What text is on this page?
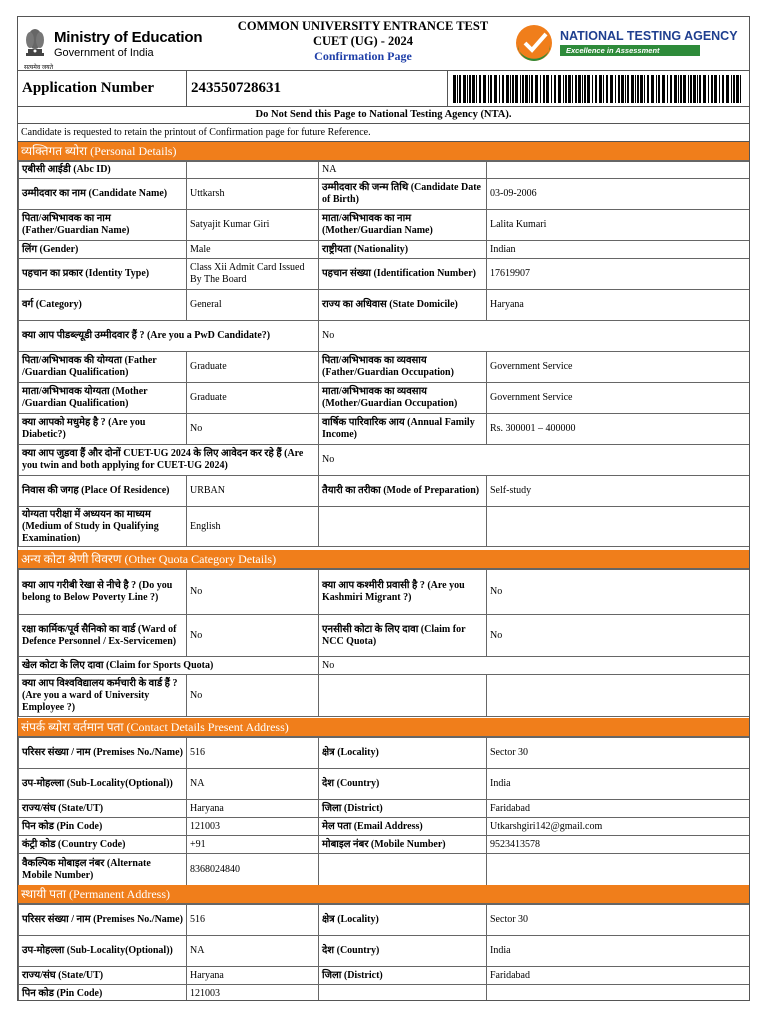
Ministry of Education
Government of India
सत्यमेव जयते
COMMON UNIVERSITY ENTRANCE TEST
CUET (UG) - 2024
Confirmation Page
NATIONAL TESTING AGENCY
Excellence in Assessment
Application Number 243550728631
Do Not Send this Page to National Testing Agency (NTA).
Candidate is requested to retain the printout of Confirmation page for future Reference.
व्यक्तिगत ब्योरा (Personal Details)
एबीसी आईडी (Abc ID)		NA	
उम्मीदवार का नाम (Candidate Name)	Uttkarsh	उम्मीदवार की जन्म तिथि (Candidate Date of Birth)	03-09-2006
पिता/अभिभावक का नाम (Father/Guardian Name)	Satyajit Kumar Giri	माता/अभिभावक का नाम (Mother/Guardian Name)	Lalita Kumari
लिंग (Gender)	Male	राष्ट्रीयता (Nationality)	Indian
पहचान का प्रकार (Identity Type)	Class Xii Admit Card Issued By The Board	पहचान संख्या (Identification Number)	17619907
वर्ग (Category)	General	राज्य का अधिवास (State Domicile)	Haryana
क्या आप पीडब्ल्यूडी उम्मीदवार हैं ? (Are you a PwD Candidate?)		No	
पिता/अभिभावक की योग्यता (Father /Guardian Qualification)	Graduate	पिता/अभिभावक का व्यवसाय (Father/Guardian Occupation)	Government Service
माता/अभिभावक योग्यता (Mother /Guardian Qualification)	Graduate	माता/अभिभावक का व्यवसाय (Mother/Guardian Occupation)	Government Service
क्या आपको मधुमेह है ? (Are you Diabetic?)	No	वार्षिक पारिवारिक आय (Annual Family Income)	Rs. 300001 – 400000
क्या आप जुडवा हैं और दोनों CUET-UG 2024 के लिए आवेदन कर रहे हैं (Are you twin and both applying for CUET-UG 2024)		No	
निवास की जगह (Place Of Residence)	URBAN	तैयारी का तरीका (Mode of Preparation)	Self-study
योग्यता परीक्षा में अध्ययन का माध्यम (Medium of Study in Qualifying Examination)	English		
अन्य कोटा श्रेणी विवरण (Other Quota Category Details)
क्या आप गरीबी रेखा से नीचे है ? (Do you belong to Below Poverty Line ?)	No	क्या आप कश्मीरी प्रवासी है ? (Are you Kashmiri Migrant ?)	No
रक्षा कार्मिक/पूर्व सैनिको का वार्ड (Ward of Defence Personnel / Ex-Servicemen)	No	एनसीसी कोटा के लिए दावा (Claim for NCC Quota)	No
खेल कोटा के लिए दावा (Claim for Sports Quota)		No	
क्या आप विश्वविद्यालय कर्मचारी के वार्ड हैं ? (Are you a ward of University Employee ?)	No		
संपर्क ब्योरा वर्तमान पता (Contact Details Present Address)
परिसर संख्या / नाम (Premises No./Name)	516	क्षेत्र (Locality)	Sector 30
उप-मोहल्ला (Sub-Locality(Optional))	NA	देश (Country)	India
राज्य/संघ (State/UT)	Haryana	जिला (District)	Faridabad
पिन कोड (Pin Code)	121003	मेल पता (Email Address)	Utkarshgiri142@gmail.com
कंट्री कोड (Country Code)	+91	मोबाइल नंबर (Mobile Number)	9523413578
वैकल्पिक मोबाइल नंबर (Alternate Mobile Number)	8368024840		
स्थायी पता (Permanent Address)
परिसर संख्या / नाम (Premises No./Name)	516	क्षेत्र (Locality)	Sector 30
उप-मोहल्ला (Sub-Locality(Optional))	NA	देश (Country)	India
राज्य/संघ (State/UT)	Haryana	जिला (District)	Faridabad
पिन कोड (Pin Code)	121003		
